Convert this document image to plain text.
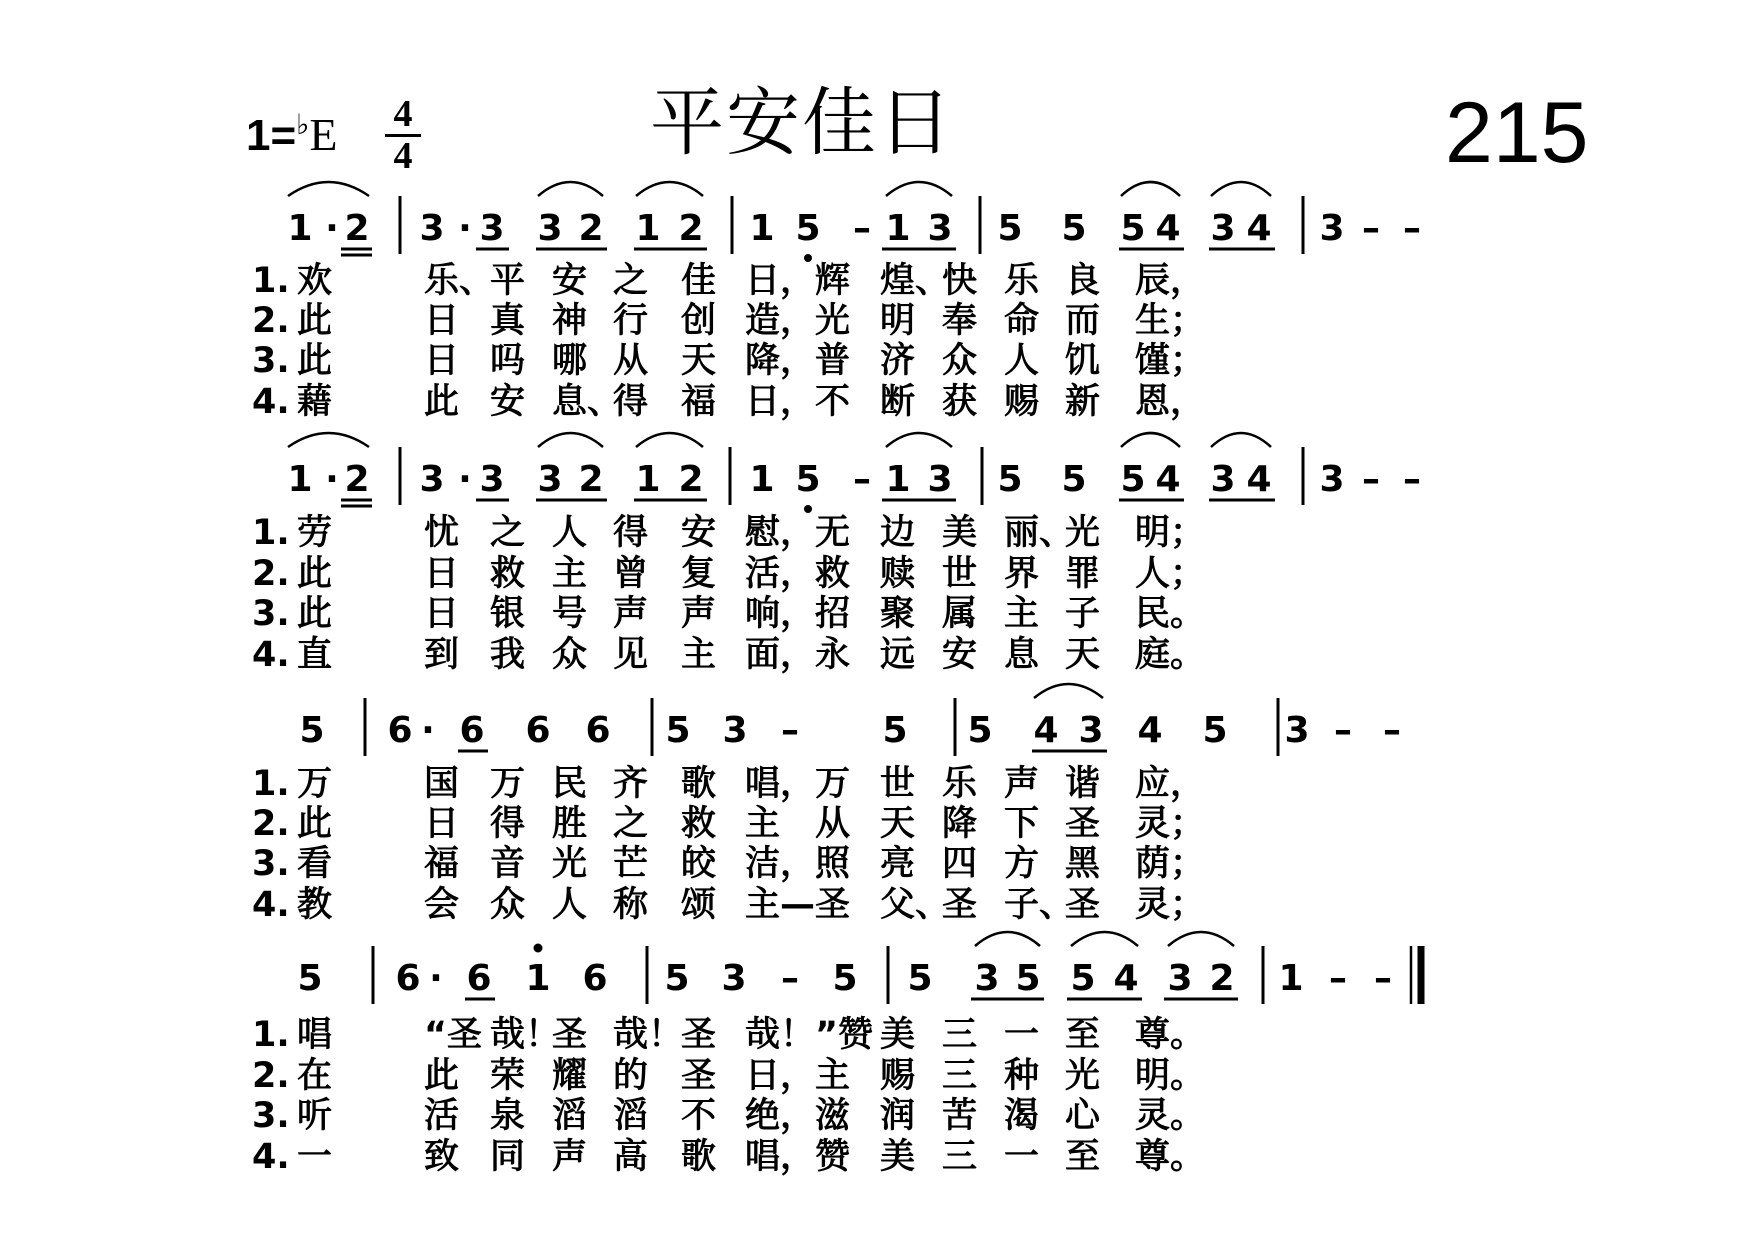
平安佳日	215
1=♭E 4
4
1 · 2 3 · 3 3 2 1 2 1 5 – 1 3 5 5 5 4 3 4 3 – –
1. 欢	乐、
平 安 之 佳 日， 辉 煌、
快 乐 良 辰，
2. 此	日 真 神 行 创 造， 光 明 奉 命 而 生；
3. 此	日 吗 哪 从 天 降， 普 济 众 人 饥 馑；
4. 藉	此 安 息、
得 福 日， 不 断 获 赐 新 恩，
1 · 2 3 · 3 3 2 1 2 1 5 – 1 3 5 5 5 4 3 4 3 – –
1. 劳	忧 之 人 得 安 慰， 无 边 美 丽、
光 明；
2. 此	日 救 主 曾 复 活， 救 赎 世 界 罪 人；
3. 此	日 银 号 声 声 响， 招 聚 属 主 子 民。
4. 直	到 我 众 见 主 面， 永 远 安 息 天 庭。
5 6 · 6 6 6 5 3 – 5 5 4 3 4 5 3 – –
1. 万	国 万 民 齐 歌 唱， 万 世 乐 声 谐 应，
2. 此	日 得 胜 之 救 主 从 天 降 下 圣 灵；
3. 看	福 音 光 芒 皎 洁， 照 亮 四 方 黑 荫；
4. 教	会 众 人 称 颂 主— 圣 父、
圣 子、
圣 灵；
5 6 · 6 1 6 5 3 – 5 5 3 5 5 4 3 2 1 – –
1. 唱	“圣 哉！
圣 哉！
圣 哉！ ”赞 美 三 一 至 尊。
2. 在	此 荣 耀 的 圣 日， 主 赐 三 种 光 明。
3. 听	活 泉 滔 滔 不 绝， 滋 润 苦 渴 心 灵。
4. 一	致 同 声 高 歌 唱， 赞 美 三 一 至 尊。
